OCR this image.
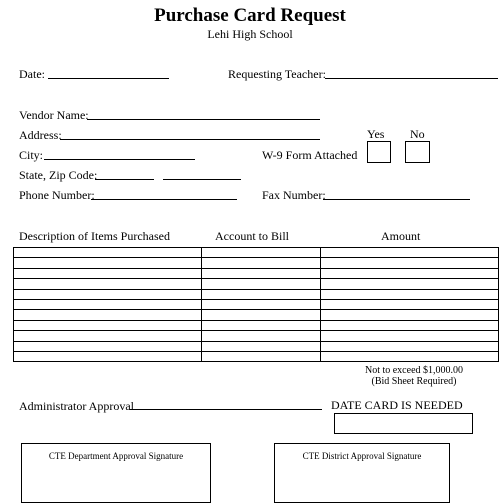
Purchase Card Request
Lehi High School
Date:	Requesting Teacher:
Vendor Name:
Address:	Yes No
City:	W-9 Form Attached
State, Zip Code:
Phone Number:	Fax Number:
Description of Items Purchased	Account to Bill	Amount

Not to exceed $1,000.00
(Bid Sheet Required)
Administrator Approval	DATE CARD IS NEEDED
CTE Department Approval Signature	CTE District Approval Signature
